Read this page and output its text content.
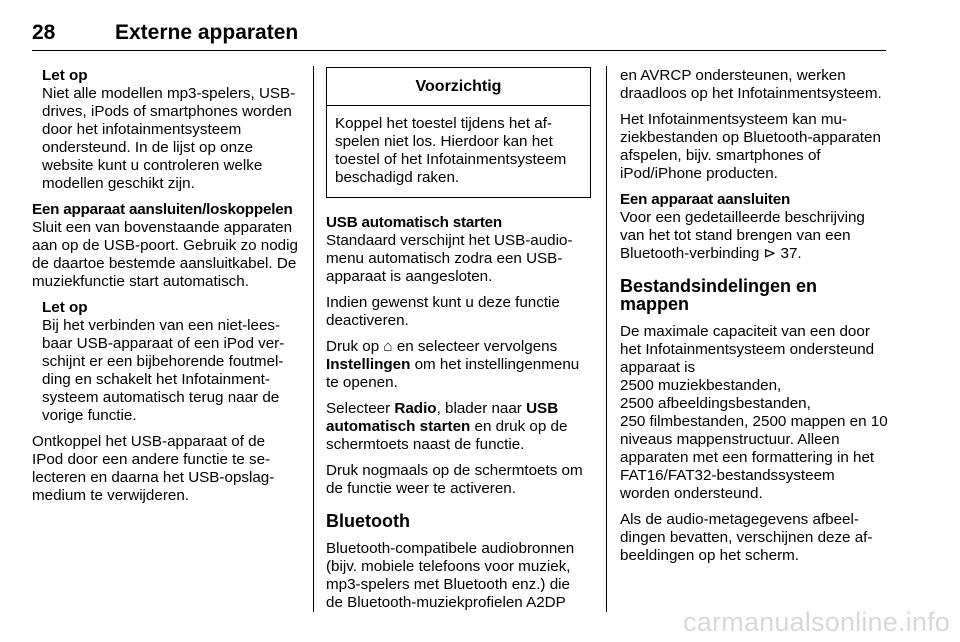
28	Externe apparaten
Let op
Niet alle modellen mp3-spelers, USB-drives, iPods of smartphones worden door het infotainmentsysteem ondersteund. In de lijst op onze website kunt u controleren welke modellen geschikt zijn.
Een apparaat aansluiten/loskoppelen

Sluit een van bovenstaande apparaten aan op de USB-poort. Gebruik zo nodig de daartoe bestemde aansluitkabel. De muziekfunctie start automatisch.

Let op
Bij het verbinden van een niet-leesbaar USB-apparaat of een iPod verschijnt er een bijbehorende foutmelding en schakelt het Infotainmentsysteem automatisch terug naar de vorige functie.

Ontkoppel het USB-apparaat of de IPod door een andere functie te selecteren en daarna het USB-opslagmedium te verwijderen.

Voorzichtig
Koppel het toestel tijdens het afspelen niet los. Hierdoor kan het toestel of het Infotainmentsysteem beschadigd raken.
USB automatisch starten

Standaard verschijnt het USB-audiomenu automatisch zodra een USB-apparaat is aangesloten.

Indien gewenst kunt u deze functie deactiveren.

Druk op ⌂ en selecteer vervolgens Instellingen om het instellingenmenu te openen.

Selecteer Radio, blader naar USB automatisch starten en druk op de schermtoets naast de functie.

Druk nogmaals op de schermtoets om de functie weer te activeren.

Bluetooth

Bluetooth-compatibele audiobronnen (bijv. mobiele telefoons voor muziek, mp3-spelers met Bluetooth enz.) die de Bluetooth-muziekprofielen A2DP

en AVRCP ondersteunen, werken draadloos op het Infotainmentsysteem.

Het Infotainmentsysteem kan muziekbestanden op Bluetooth-apparaten afspelen, bijv. smartphones of iPod/iPhone producten.

Een apparaat aansluiten

Voor een gedetailleerde beschrijving van het tot stand brengen van een Bluetooth-verbinding ⊳ 37.

Bestandsindelingen en mappen

De maximale capaciteit van een door het Infotainmentsysteem ondersteund apparaat is
2500 muziekbestanden,
2500 afbeeldingsbestanden,
250 filmbestanden, 2500 mappen en 10 niveaus mappenstructuur. Alleen apparaten met een formattering in het FAT16/FAT32-bestandssysteem worden ondersteund.

Als de audio-metagegevens afbeeldingen bevatten, verschijnen deze afbeeldingen op het scherm.

carmanualsonline.info
